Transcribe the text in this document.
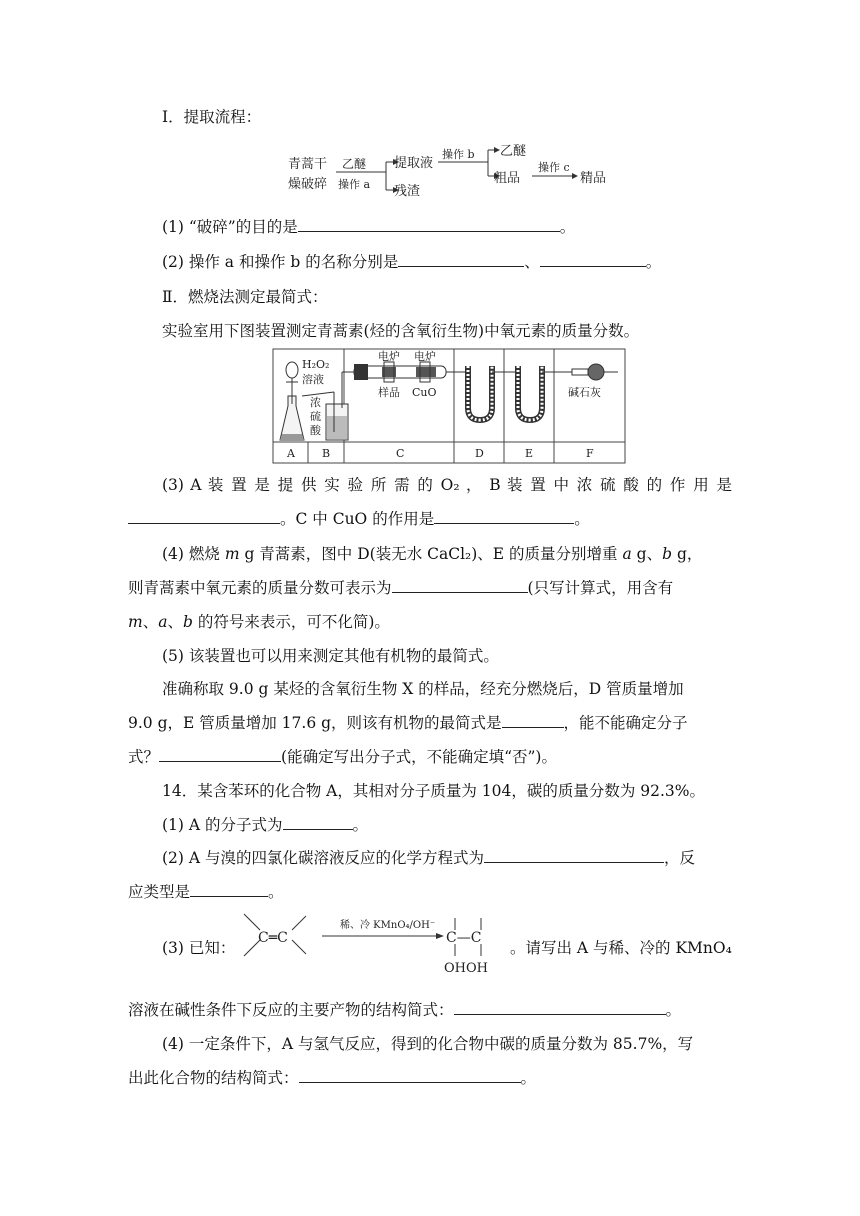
Ⅰ．提取流程：
青蒿干
燥破碎
乙醚
操作 a
提取液
残渣
操作 b 乙醚
粗品
操作 c
精品
(1) “破碎”的目的是	。
(2) 操作 a 和操作 b 的名称分别是	、	。
Ⅱ．燃烧法测定最简式：
实验室用下图装置测定青蒿素(烃的含氧衍生物)中氧元素的质量分数。
A B	C	D	E	F
H₂O₂
溶液
浓
硫
酸
电炉 电炉
样品 CuO	碱石灰
(3) A 装 置 是 提 供 实 验 所 需 的 O₂ ， B 装 置 中 浓 硫 酸 的 作 用 是
。C 中 CuO 的作用是	。
(4) 燃烧 m g 青蒿素，图中 D(装无水 CaCl₂)、E 的质量分别增重 a g、b g，
则青蒿素中氧元素的质量分数可表示为	(只写计算式，用含有
m、a、b 的符号来表示，可不化简)。
(5) 该装置也可以用来测定其他有机物的最简式。
准确称取 9.0 g 某烃的含氧衍生物 X 的样品，经充分燃烧后，D 管质量增加
9.0 g，E 管质量增加 17.6 g，则该有机物的最简式是	，能不能确定分子
式？	(能确定写出分子式，不能确定填“否”)。
14．某含苯环的化合物 A，其相对分子质量为 104，碳的质量分数为 92.3%。
(1) A 的分子式为	。
(2) A 与溴的四氯化碳溶液反应的化学方程式为	，反
应类型是	。
(3) 已知：
C═C
稀、冷 KMnO₄/OH⁻
C—C
OHOH
。请写出 A 与稀、冷的 KMnO₄
溶液在碱性条件下反应的主要产物的结构简式：	。
(4) 一定条件下，A 与氢气反应，得到的化合物中碳的质量分数为 85.7%，写
出此化合物的结构简式：	。
